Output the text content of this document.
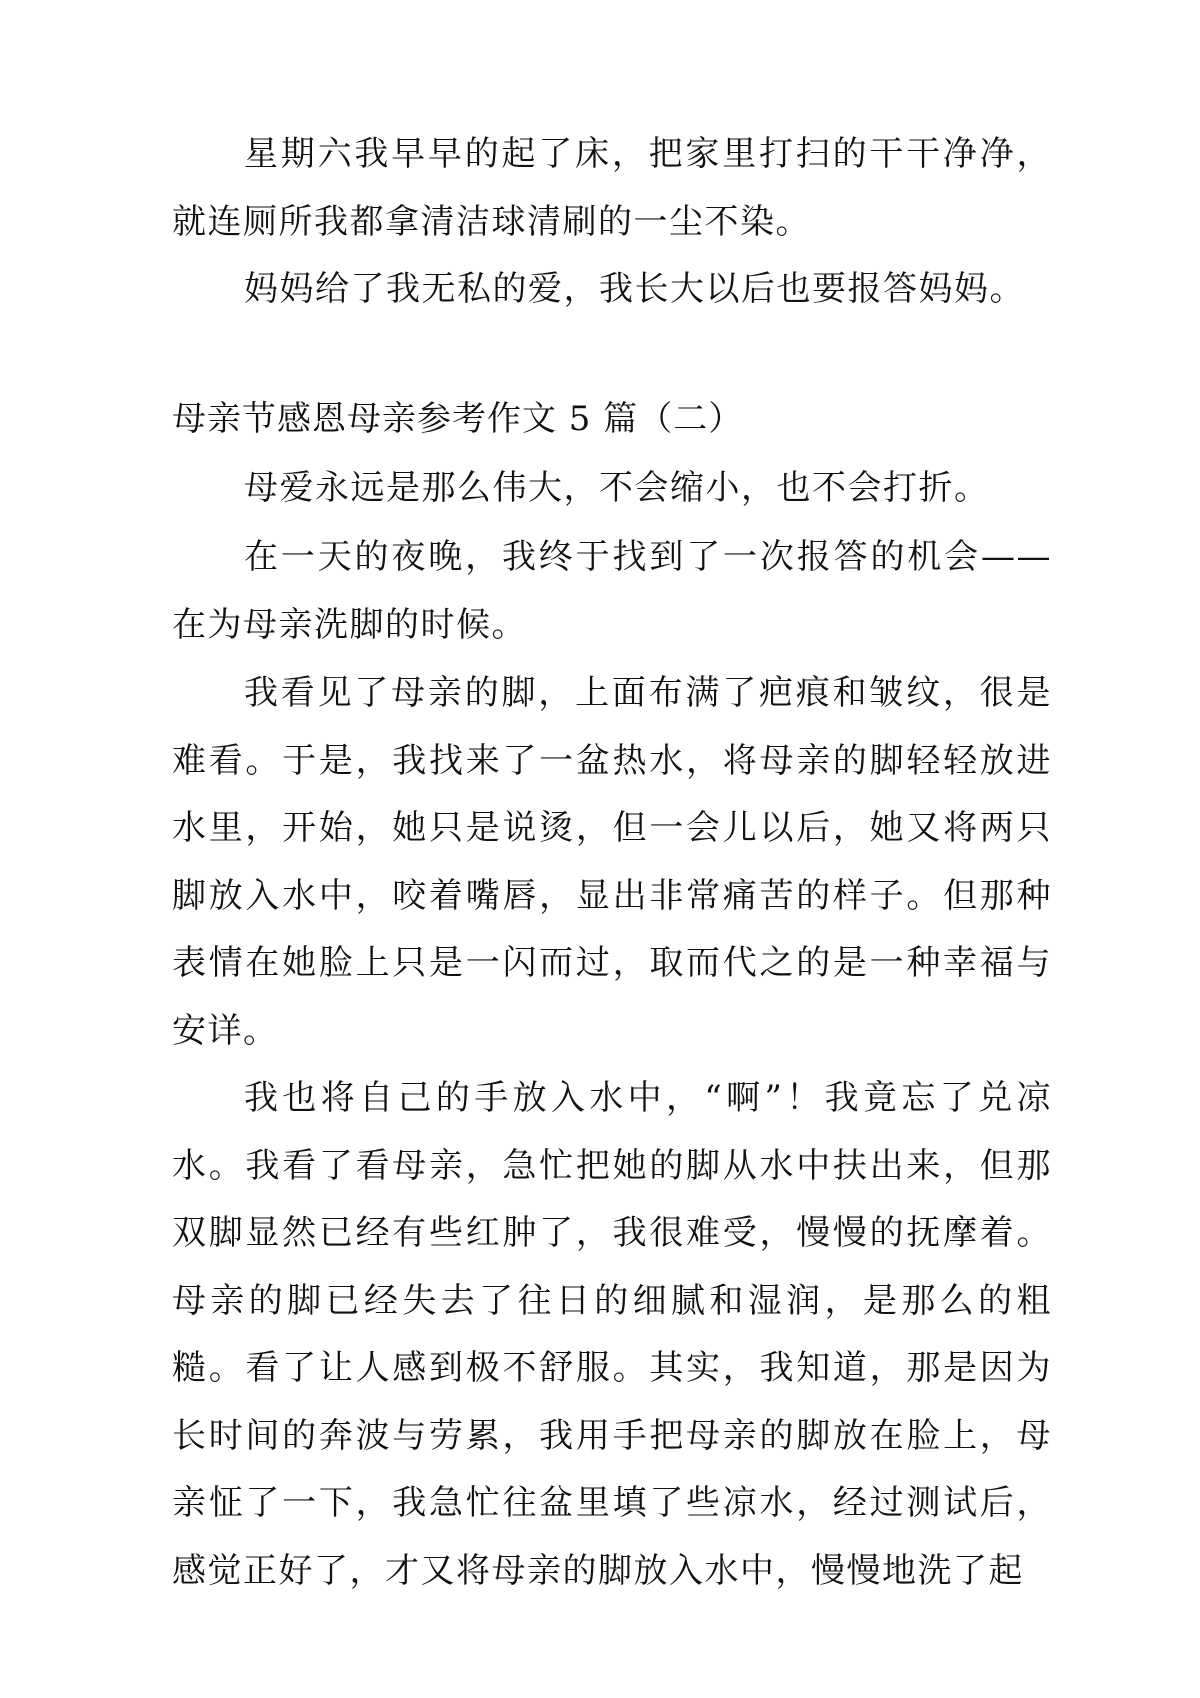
星期六我早早的起了床，把家里打扫的干干净净，就连厕所我都拿清洁球清刷的一尘不染。
妈妈给了我无私的爱，我长大以后也要报答妈妈。
母亲节感恩母亲参考作文 5 篇（二）
母爱永远是那么伟大，不会缩小，也不会打折。
在一天的夜晚，我终于找到了一次报答的机会——在为母亲洗脚的时候。
我看见了母亲的脚，上面布满了疤痕和皱纹，很是难看。于是，我找来了一盆热水，将母亲的脚轻轻放进水里，开始，她只是说烫，但一会儿以后，她又将两只脚放入水中，咬着嘴唇，显出非常痛苦的样子。但那种表情在她脸上只是一闪而过，取而代之的是一种幸福与安详。
我也将自己的手放入水中，“啊”！我竟忘了兑凉水。我看了看母亲，急忙把她的脚从水中扶出来，但那双脚显然已经有些红肿了，我很难受，慢慢的抚摩着。母亲的脚已经失去了往日的细腻和湿润，是那么的粗糙。看了让人感到极不舒服。其实，我知道，那是因为长时间的奔波与劳累，我用手把母亲的脚放在脸上，母亲怔了一下，我急忙往盆里填了些凉水，经过测试后，感觉正好了，才又将母亲的脚放入水中，慢慢地洗了起
